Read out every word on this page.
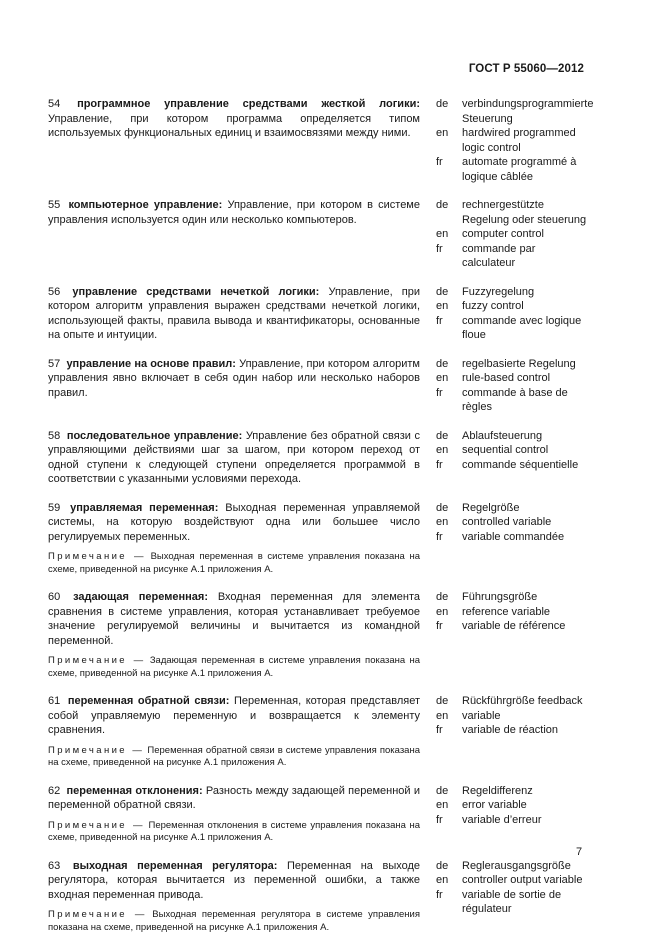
ГОСТ Р 55060—2012

54 программное управление средствами жесткой логики: Управление, при котором программа определяется типом используемых функциональных единиц и взаимосвязями между ними.

de	verbindungsprogrammierte Steuerung
en	hardwired programmed logic control
fr	automate programmé à logique câblée

55 компьютерное управление: Управление, при котором в системе управления используется один или несколько компьютеров.

de	rechnergestützte Regelung oder steuerung
en	computer control
fr	commande par calculateur

56 управление средствами нечеткой логики: Управление, при котором алгоритм управления выражен средствами нечеткой логики, использующей факты, правила вывода и квантификаторы, основанные на опыте и интуиции.

de	Fuzzyregelung
en	fuzzy control
fr	commande avec logique floue

57 управление на основе правил: Управление, при котором алгоритм управления явно включает в себя один набор или несколько наборов правил.

de	regelbasierte Regelung
en	rule-based control
fr	commande à base de règles

58 последовательное управление: Управление без обратной связи с управляющими действиями шаг за шагом, при котором переход от одной ступени к следующей ступени определяется программой в соответствии с указанными условиями перехода.

de	Ablaufsteuerung
en	sequential control
fr	commande séquentielle

59 управляемая переменная: Выходная переменная управляемой системы, на которую воздействуют одна или большее число регулируемых переменных.

Примечание — Выходная переменная в системе управления показана на схеме, приведенной на рисунке А.1 приложения А.

de	Regelgröße
en	controlled variable
fr	variable commandée

60 задающая переменная: Входная переменная для элемента сравнения в системе управления, которая устанавливает требуемое значение регулируемой величины и вычитается из командной переменной.

Примечание — Задающая переменная в системе управления показана на схеме, приведенной на рисунке А.1 приложения А.

de	Führungsgröße
en	reference variable
fr	variable de référence

61 переменная обратной связи: Переменная, которая представляет собой управляемую переменную и возвращается к элементу сравнения.

Примечание — Переменная обратной связи в системе управления показана на схеме, приведенной на рисунке А.1 приложения А.

de	Rückführgröße feedback
en	variable
fr	variable de réaction

62 переменная отклонения: Разность между задающей переменной и переменной обратной связи.

Примечание — Переменная отклонения в системе управления показана на схеме, приведенной на рисунке А.1 приложения А.

de	Regeldifferenz
en	error variable
fr	variable d’erreur

63 выходная переменная регулятора: Переменная на выходе регулятора, которая вычитается из переменной ошибки, а также входная переменная привода.

Примечание — Выходная переменная регулятора в системе управления показана на схеме, приведенной на рисунке А.1 приложения А.

de	Reglerausgangsgröße
en	controller output variable
fr	variable de sortie de régulateur
7
